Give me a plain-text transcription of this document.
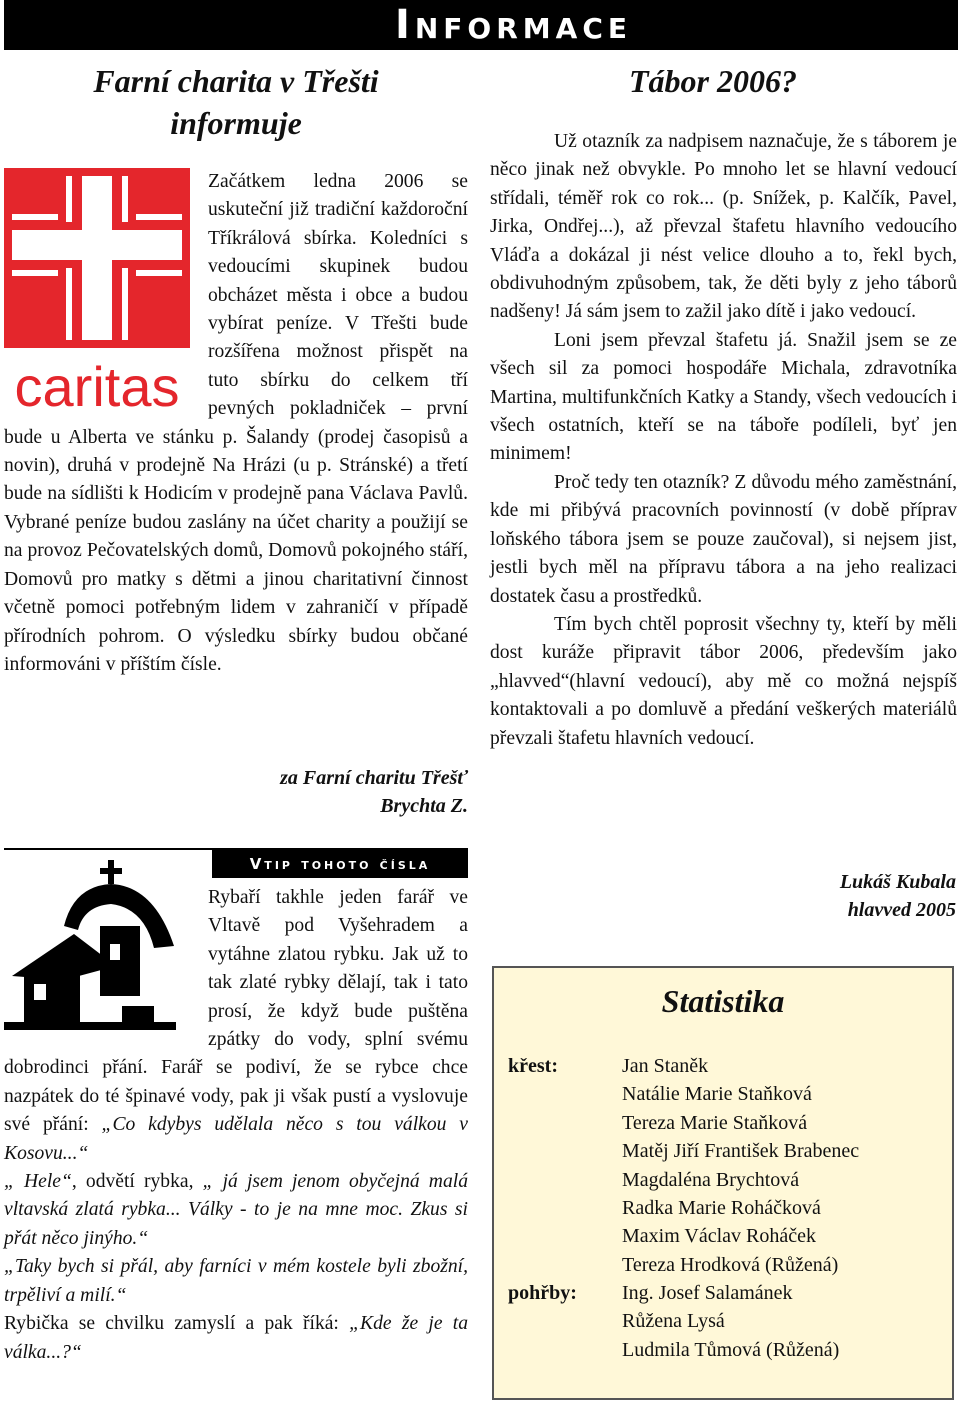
Informace
Farní charita v Třešti
informuje
caritas
Začátkem ledna 2006 se uskuteční již tradiční každoroční Tříkrálová sbírka. Koledníci s vedoucími skupinek budou obcházet města i obce a budou vybírat peníze. V Třešti bude rozšířena možnost přispět na tuto sbírku do celkem tří pevných pokladniček – první bude u Alberta ve stánku p. Šalandy (prodej časopisů a novin), druhá v prodejně Na Hrázi (u p. Stránské) a třetí bude na sídlišti k Hodicím v prodejně pana Václava Pavlů. Vybrané peníze budou zaslány na účet charity a použijí se na provoz Pečovatelských domů, Domovů pokojného stáří, Domovů pro matky s dětmi a jinou charitativní činnost včetně pomoci potřebným lidem v zahraničí v případě přírodních pohrom. O výsledku sbírky budou občané informováni v příštím čísle.
za Farní charitu Třešť
Brychta Z.
Vtip tohoto čísla
Rybaří takhle jeden farář ve Vltavě pod Vyšehradem a vytáhne zlatou rybku. Jak už to tak zlaté rybky dělají, tak i tato prosí, že když bude puštěna zpátky do vody, splní svému dobrodinci přání. Farář se podiví, že se rybce chce nazpátek do té špinavé vody, pak ji však pustí a vyslovuje své přání: „Co kdybys udělala něco s tou válkou v Kosovu...“
„ Hele“, odvětí rybka, „ já jsem jenom obyčejná malá vltavská zlatá rybka... Války - to je na mne moc. Zkus si přát něco jinýho.“
„Taky bych si přál, aby farníci v mém kostele byli zbožní, trpěliví a milí.“
Rybička se chvilku zamyslí a pak říká: „Kde že je ta válka...?“
Tábor 2006?

Už otazník za nadpisem naznačuje, že s táborem je něco jinak než obvykle. Po mnoho let se hlavní vedoucí střídali, téměř rok co rok... (p. Snížek, p. Kalčík, Pavel, Jirka, Ondřej...), až převzal štafetu hlavního vedoucího Vláďa a dokázal ji nést velice dlouho a to, řekl bych, obdivuhodným způsobem, tak, že děti byly z jeho táborů nadšeny! Já sám jsem to zažil jako dítě i jako vedoucí.

Loni jsem převzal štafetu já. Snažil jsem se ze všech sil za pomoci hospodáře Michala, zdravotníka Martina, multifunkčních Katky a Standy, všech vedoucích i všech ostatních, kteří se na táboře podíleli, byť jen minimem!

Proč tedy ten otazník? Z důvodu mého zaměstnání, kde mi přibývá pracovních povinností (v době příprav loňského tábora jsem se pouze zaučoval), si nejsem jist, jestli bych měl na přípravu tábora a na jeho realizaci dostatek času a prostředků.

Tím bych chtěl poprosit všechny ty, kteří by měli dost kuráže připravit tábor 2006, především jako „hlavved“(hlavní vedoucí), aby mě co možná nejspíš kontaktovali a po domluvě a předání veškerých materiálů převzali štafetu hlavních vedoucí.

Lukáš Kubala
hlavved 2005
Statistika
křest:	Jan Staněk
Natálie Marie Staňková
Tereza Marie Staňková
Matěj Jiří František Brabenec
Magdaléna Brychtová
Radka Marie Roháčková
Maxim Václav Roháček
Tereza Hrodková (Růžená)
pohřby: Ing. Josef Salamánek
Růžena Lysá
Ludmila Tůmová (Růžená)
